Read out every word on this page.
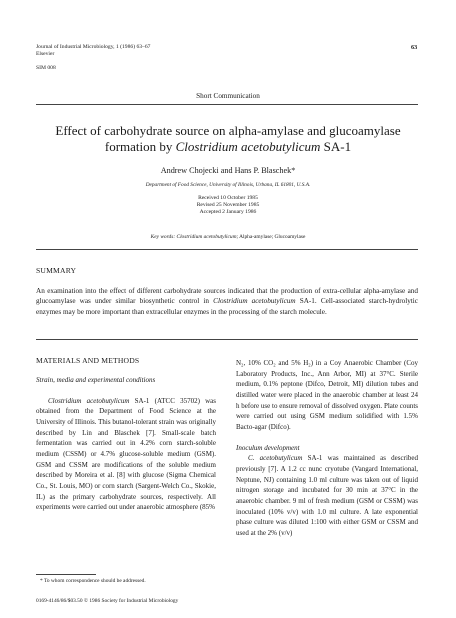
Journal of Industrial Microbiology, 1 (1986) 63–67
Elsevier
SIM 008
63
Short Communication
Effect of carbohydrate source on alpha-amylase and glucoamylase
formation by Clostridium acetobutylicum SA-1
Andrew Chojecki and Hans P. Blaschek*
Department of Food Science, University of Illinois, Urbana, IL 61801, U.S.A.
Received 10 October 1985
Revised 25 November 1985
Accepted 2 January 1986
Key words: Clostridium acetobutylicum; Alpha-amylase; Glucoamylase
SUMMARY
An examination into the effect of different carbohydrate sources indicated that the production of extra-cellular alpha-amylase and glucoamylase was under similar biosynthetic control in Clostridium acetobutylicum SA-1. Cell-associated starch-hydrolytic enzymes may be more important than extracellular enzymes in the processing of the starch molecule.
MATERIALS AND METHODS

Strain, media and experimental conditions

Clostridium acetobutylicum SA-1 (ATCC 35702) was obtained from the Department of Food Science at the University of Illinois. This butanol-tolerant strain was originally described by Lin and Blaschek [7]. Small-scale batch fermentation was carried out in 4.2% corn starch-soluble medium (CSSM) or 4.7% glucose-soluble medium (GSM). GSM and CSSM are modifications of the soluble medium described by Moreira et al. [8] with glucose (Sigma Chemical Co., St. Louis, MO) or corn starch (Sargent-Welch Co., Skokie, IL) as the primary carbohydrate sources, respectively. All experiments were carried out under anaerobic atmosphere (85%

* To whom correspondence should be addressed.
0169-4146/86/$03.50 © 1986 Society for Industrial Microbiology

N₂, 10% CO₂ and 5% H₂) in a Coy Anaerobic Chamber (Coy Laboratory Products, Inc., Ann Arbor, MI) at 37°C. Sterile medium, 0.1% peptone (Difco, Detroit, MI) dilution tubes and distilled water were placed in the anaerobic chamber at least 24 h before use to ensure removal of dissolved oxygen. Plate counts were carried out using GSM medium solidified with 1.5% Bacto-agar (Difco).

Inoculum development

C. acetobutylicum SA-1 was maintained as described previously [7]. A 1.2 cc nunc cryotube (Vangard International, Neptune, NJ) containing 1.0 ml culture was taken out of liquid nitrogen storage and incubated for 30 min at 37°C in the anaerobic chamber. 9 ml of fresh medium (GSM or CSSM) was inoculated (10% v/v) with 1.0 ml culture. A late exponential phase culture was diluted 1:100 with either GSM or CSSM and used at the 2% (v/v)
